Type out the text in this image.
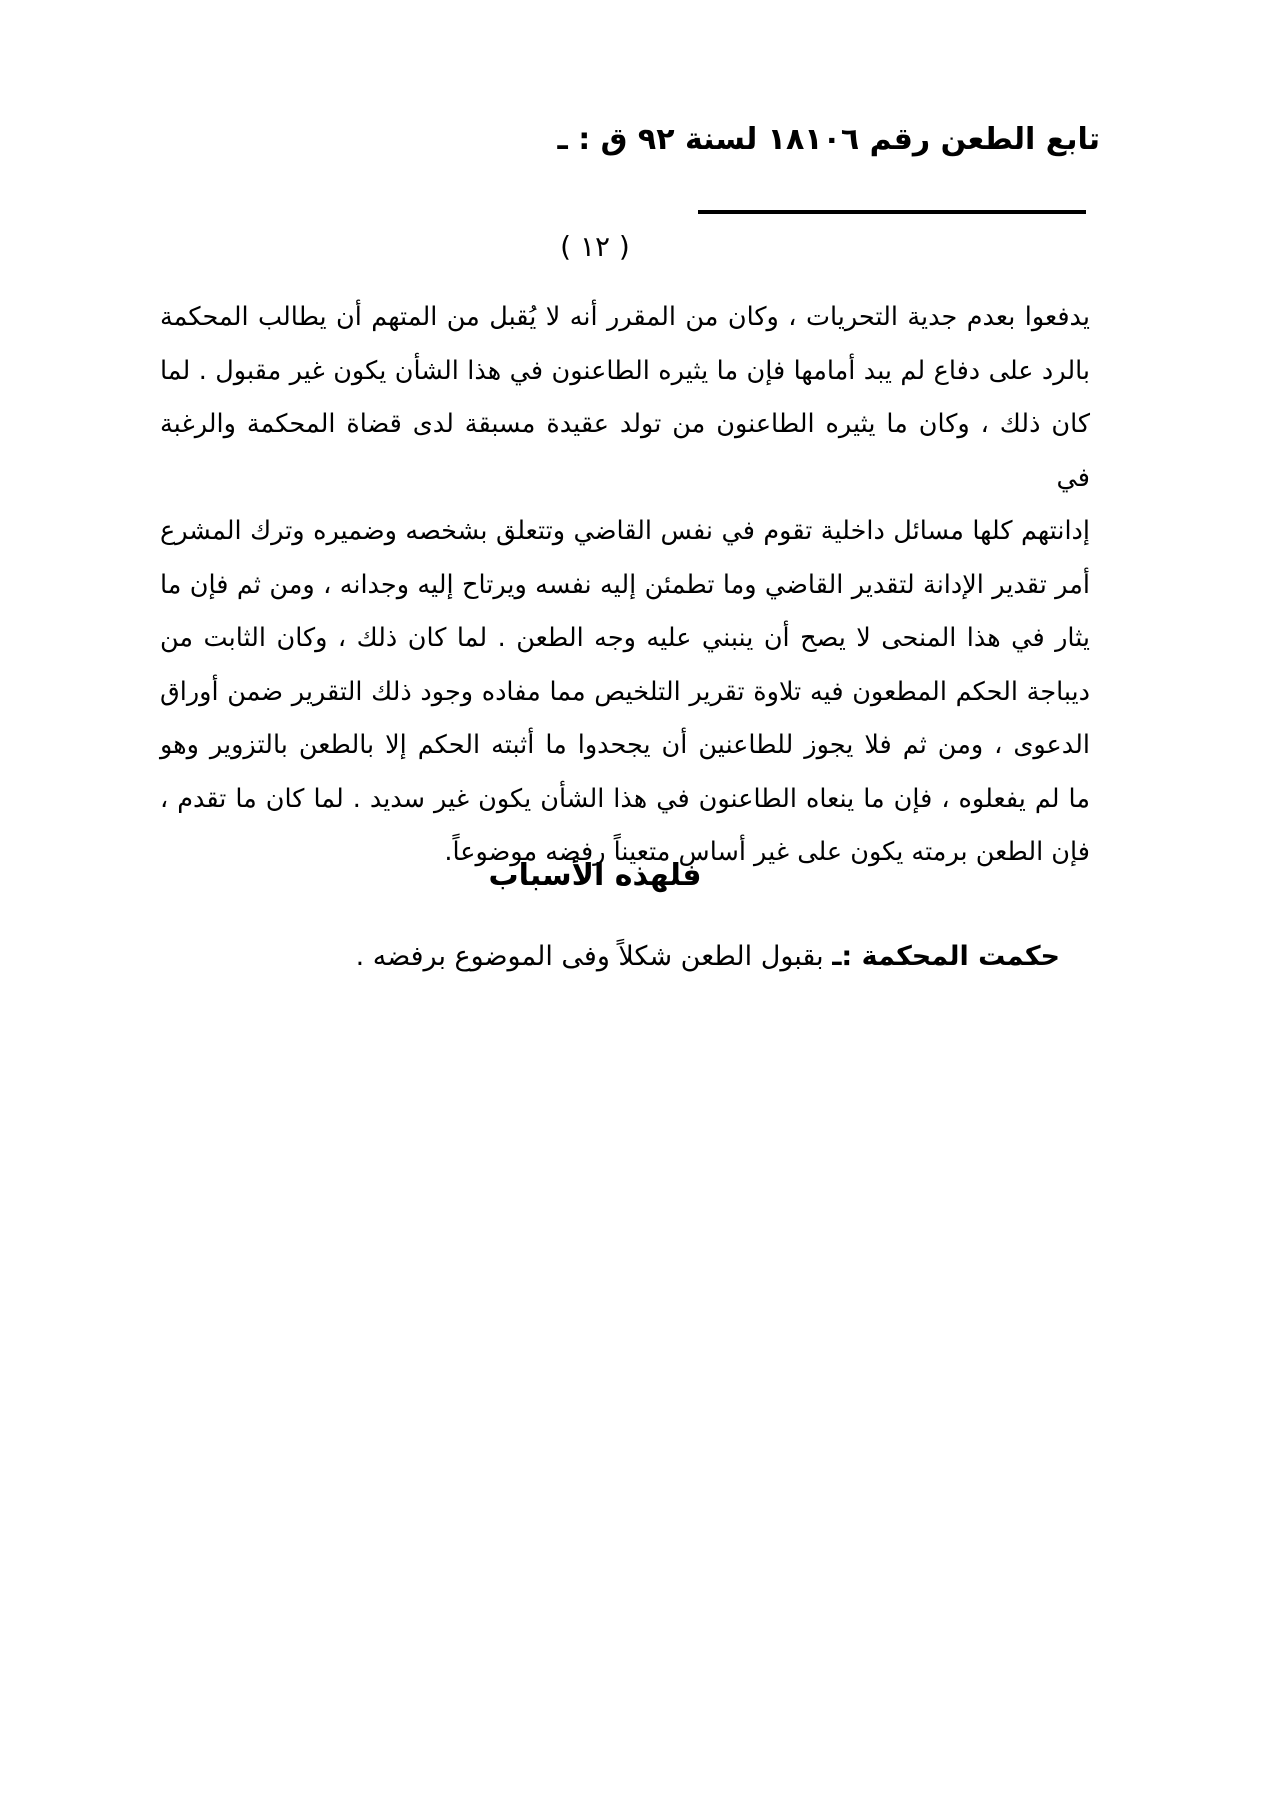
تابع الطعن رقم ١٨١٠٦ لسنة ٩٢ ق : ـ
( ١٢ )

يدفعوا بعدم جدية التحريات ، وكان من المقرر أنه لا يُقبل من المتهم أن يطالب المحكمة

بالرد على دفاع لم يبد أمامها فإن ما يثيره الطاعنون في هذا الشأن يكون غير مقبول . لما

كان ذلك ، وكان ما يثيره الطاعنون من تولد عقيدة مسبقة لدى قضاة المحكمة والرغبة في

إدانتهم كلها مسائل داخلية تقوم في نفس القاضي وتتعلق بشخصه وضميره وترك المشرع

أمر تقدير الإدانة لتقدير القاضي وما تطمئن إليه نفسه ويرتاح إليه وجدانه ، ومن ثم فإن ما

يثار في هذا المنحى لا يصح أن ينبني عليه وجه الطعن . لما كان ذلك ، وكان الثابت من

ديباجة الحكم المطعون فيه تلاوة تقرير التلخيص مما مفاده وجود ذلك التقرير ضمن أوراق

الدعوى ، ومن ثم فلا يجوز للطاعنين أن يجحدوا ما أثبته الحكم إلا بالطعن بالتزوير وهو

ما لم يفعلوه ، فإن ما ينعاه الطاعنون في هذا الشأن يكون غير سديد . لما كان ما تقدم ،

فإن الطعن برمته يكون على غير أساس متعيناً رفضه موضوعاً.

فلهذه الأسباب
حكمت المحكمة :ـ بقبول الطعن شكلاً وفى الموضوع برفضه .
